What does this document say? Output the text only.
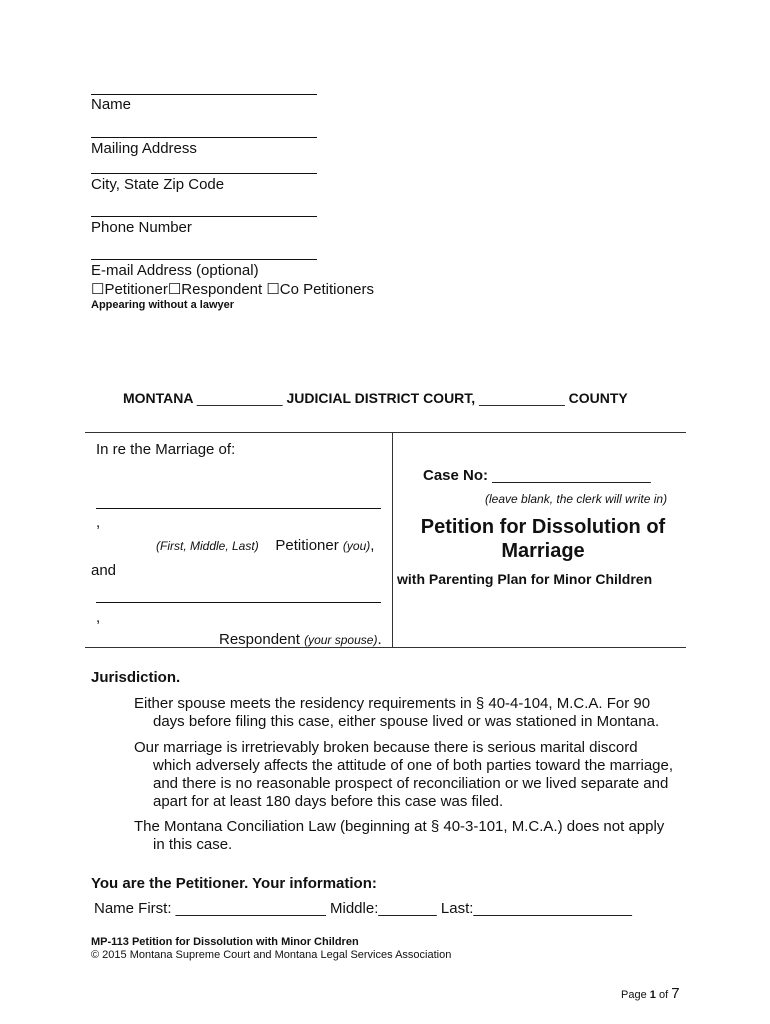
Name
Mailing Address
City, State Zip Code
Phone Number
E-mail Address (optional)
☐Petitioner☐Respondent ☐Co Petitioners
Appearing without a lawyer
MONTANA ___________ JUDICIAL DISTRICT COURT, ___________ COUNTY
In re the Marriage of:
,
(First, Middle, Last) Petitioner (you),
and
,
Respondent (your spouse).
Case No: ___________________
(leave blank, the clerk will write in)
Petition for Dissolution of
Marriage
with Parenting Plan for Minor Children
Jurisdiction.
Either spouse meets the residency requirements in § 40-4-104, M.C.A. For 90
days before filing this case, either spouse lived or was stationed in Montana.
Our marriage is irretrievably broken because there is serious marital discord
which adversely affects the attitude of one of both parties toward the marriage,
and there is no reasonable prospect of reconciliation or we lived separate and
apart for at least 180 days before this case was filed.
The Montana Conciliation Law (beginning at § 40-3-101, M.C.A.) does not apply
in this case.
You are the Petitioner. Your information:
Name First: __________________ Middle:_______ Last:___________________
MP-113 Petition for Dissolution with Minor Children
© 2015 Montana Supreme Court and Montana Legal Services Association
Page 1 of 7
